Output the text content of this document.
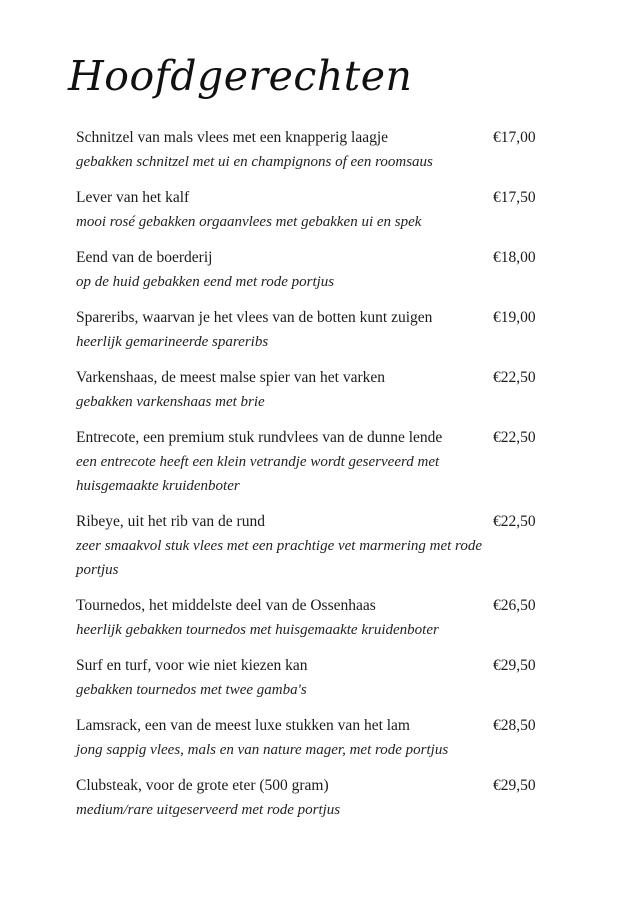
Hoofdgerechten
Schnitzel van mals vlees met een knapperig laagje	€17,00
gebakken schnitzel met ui en champignons of een roomsaus
Lever van het kalf	€17,50
mooi rosé gebakken orgaanvlees met gebakken ui en spek
Eend van de boerderij	€18,00
op de huid gebakken eend met rode portjus
Spareribs, waarvan je het vlees van de botten kunt zuigen	€19,00
heerlijk gemarineerde spareribs
Varkenshaas, de meest malse spier van het varken	€22,50
gebakken varkenshaas met brie
Entrecote, een premium stuk rundvlees van de dunne lende	€22,50
een entrecote heeft een klein vetrandje wordt geserveerd met huisgemaakte kruidenboter
Ribeye, uit het rib van de rund	€22,50
zeer smaakvol stuk vlees met een prachtige vet marmering met rode portjus
Tournedos, het middelste deel van de Ossenhaas	€26,50
heerlijk gebakken tournedos met huisgemaakte kruidenboter
Surf en turf, voor wie niet kiezen kan	€29,50
gebakken tournedos met twee gamba's
Lamsrack, een van de meest luxe stukken van het lam	€28,50
jong sappig vlees, mals en van nature mager, met rode portjus
Clubsteak, voor de grote eter (500 gram)	€29,50
medium/rare uitgeserveerd met rode portjus
